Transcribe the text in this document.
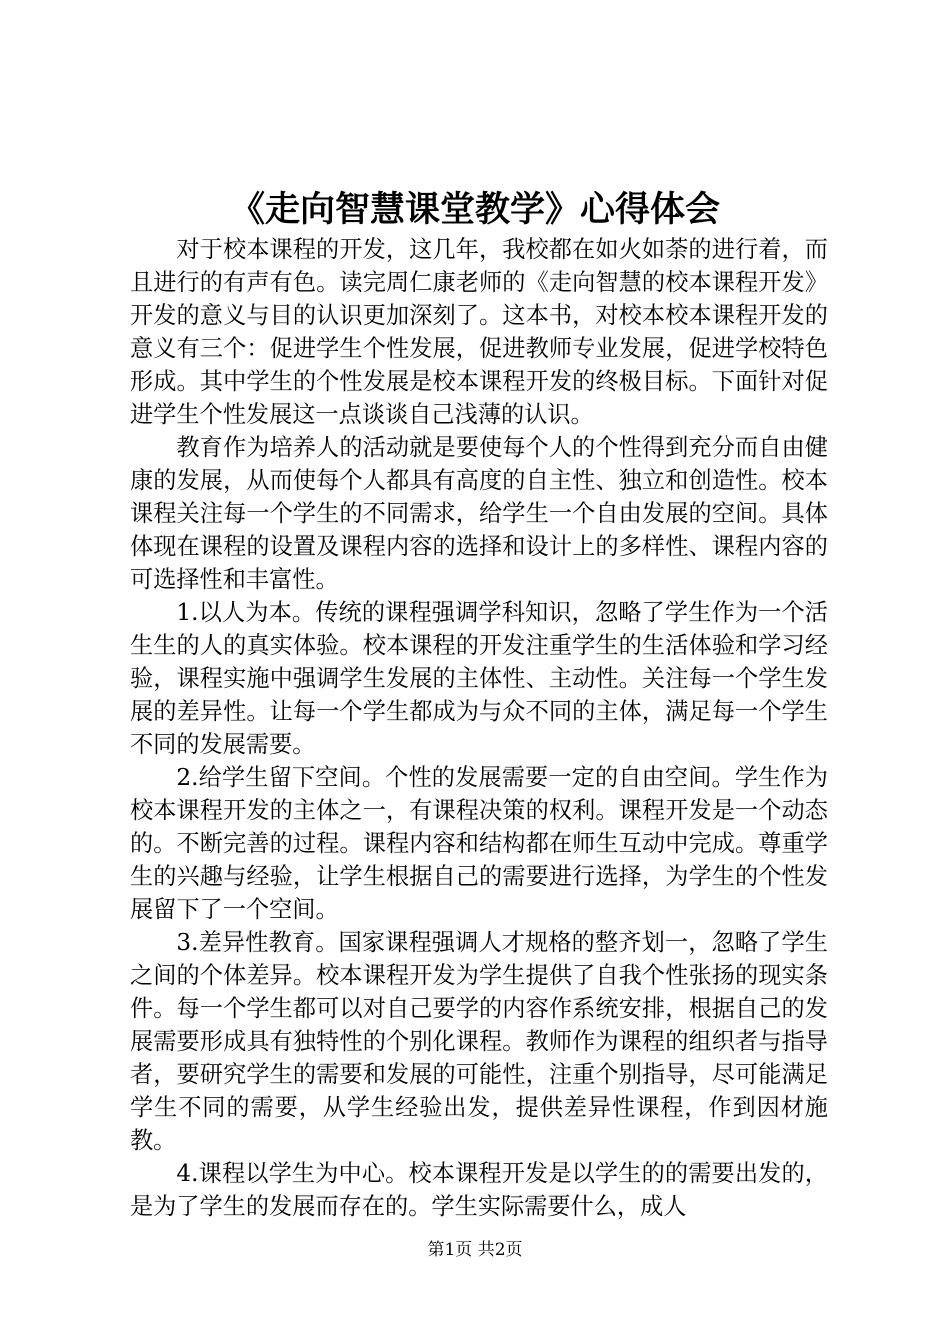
《走向智慧课堂教学》心得体会

对于校本课程的开发，这几年，我校都在如火如荼的进行着，而且进行的有声有色。读完周仁康老师的《走向智慧的校本课程开发》开发的意义与目的认识更加深刻了。这本书，对校本校本课程开发的意义有三个：促进学生个性发展，促进教师专业发展，促进学校特色形成。其中学生的个性发展是校本课程开发的终极目标。下面针对促进学生个性发展这一点谈谈自己浅薄的认识。

教育作为培养人的活动就是要使每个人的个性得到充分而自由健康的发展，从而使每个人都具有高度的自主性、独立和创造性。校本课程关注每一个学生的不同需求，给学生一个自由发展的空间。具体体现在课程的设置及课程内容的选择和设计上的多样性、课程内容的可选择性和丰富性。

1.以人为本。传统的课程强调学科知识，忽略了学生作为一个活生生的人的真实体验。校本课程的开发注重学生的生活体验和学习经验，课程实施中强调学生发展的主体性、主动性。关注每一个学生发展的差异性。让每一个学生都成为与众不同的主体，满足每一个学生不同的发展需要。

2.给学生留下空间。个性的发展需要一定的自由空间。学生作为校本课程开发的主体之一，有课程决策的权利。课程开发是一个动态的。不断完善的过程。课程内容和结构都在师生互动中完成。尊重学生的兴趣与经验，让学生根据自己的需要进行选择，为学生的个性发展留下了一个空间。

3.差异性教育。国家课程强调人才规格的整齐划一，忽略了学生之间的个体差异。校本课程开发为学生提供了自我个性张扬的现实条件。每一个学生都可以对自己要学的内容作系统安排，根据自己的发展需要形成具有独特性的个别化课程。教师作为课程的组织者与指导者，要研究学生的需要和发展的可能性，注重个别指导，尽可能满足学生不同的需要，从学生经验出发，提供差异性课程，作到因材施教。

4.课程以学生为中心。校本课程开发是以学生的的需要出发的，是为了学生的发展而存在的。学生实际需要什么，成人

第1页 共2页
